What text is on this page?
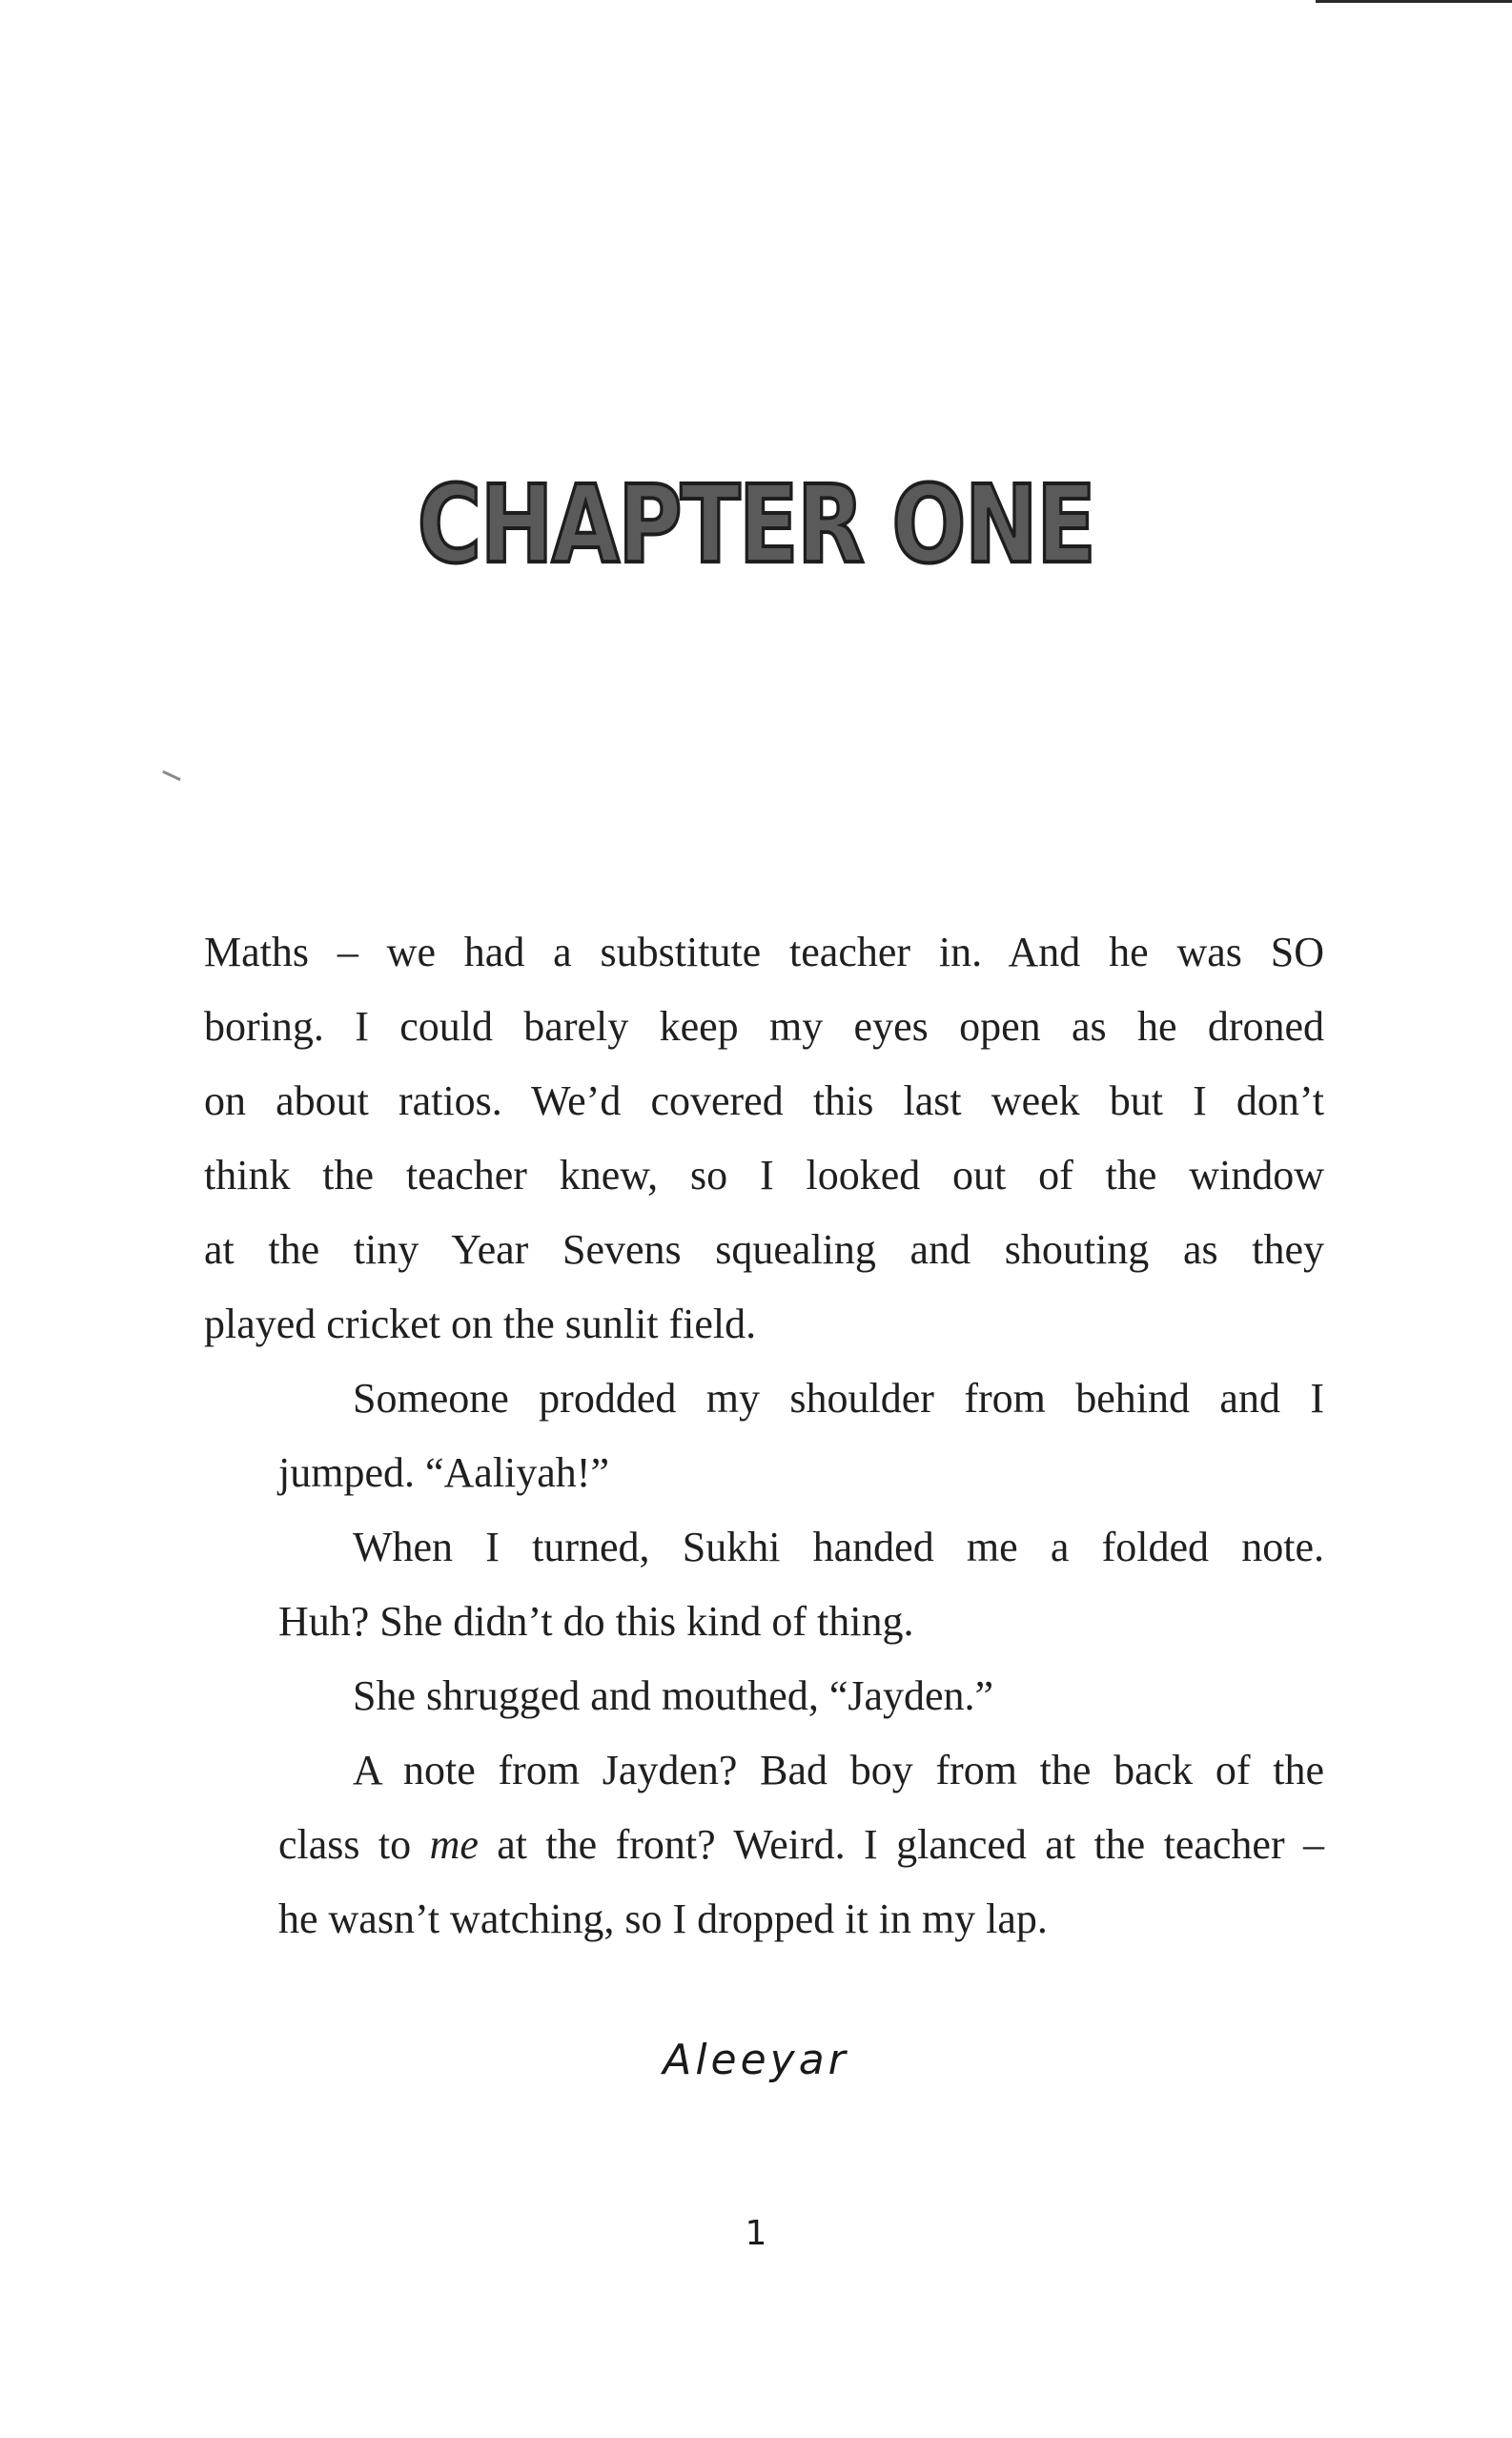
CHAPTER ONE

Maths – we had a substitute teacher in. And he was SO
boring. I could barely keep my eyes open as he droned
on about ratios. We’d covered this last week but I don’t
think the teacher knew, so I looked out of the window
at the tiny Year Sevens squealing and shouting as they
played cricket on the sunlit field.

Someone prodded my shoulder from behind and I
jumped. “Aaliyah!”

When I turned, Sukhi handed me a folded note.
Huh? She didn’t do this kind of thing.

She shrugged and mouthed, “Jayden.”

A note from Jayden? Bad boy from the back of the
class to me at the front? Weird. I glanced at the teacher –
he wasn’t watching, so I dropped it in my lap.

Aleeyar
1
